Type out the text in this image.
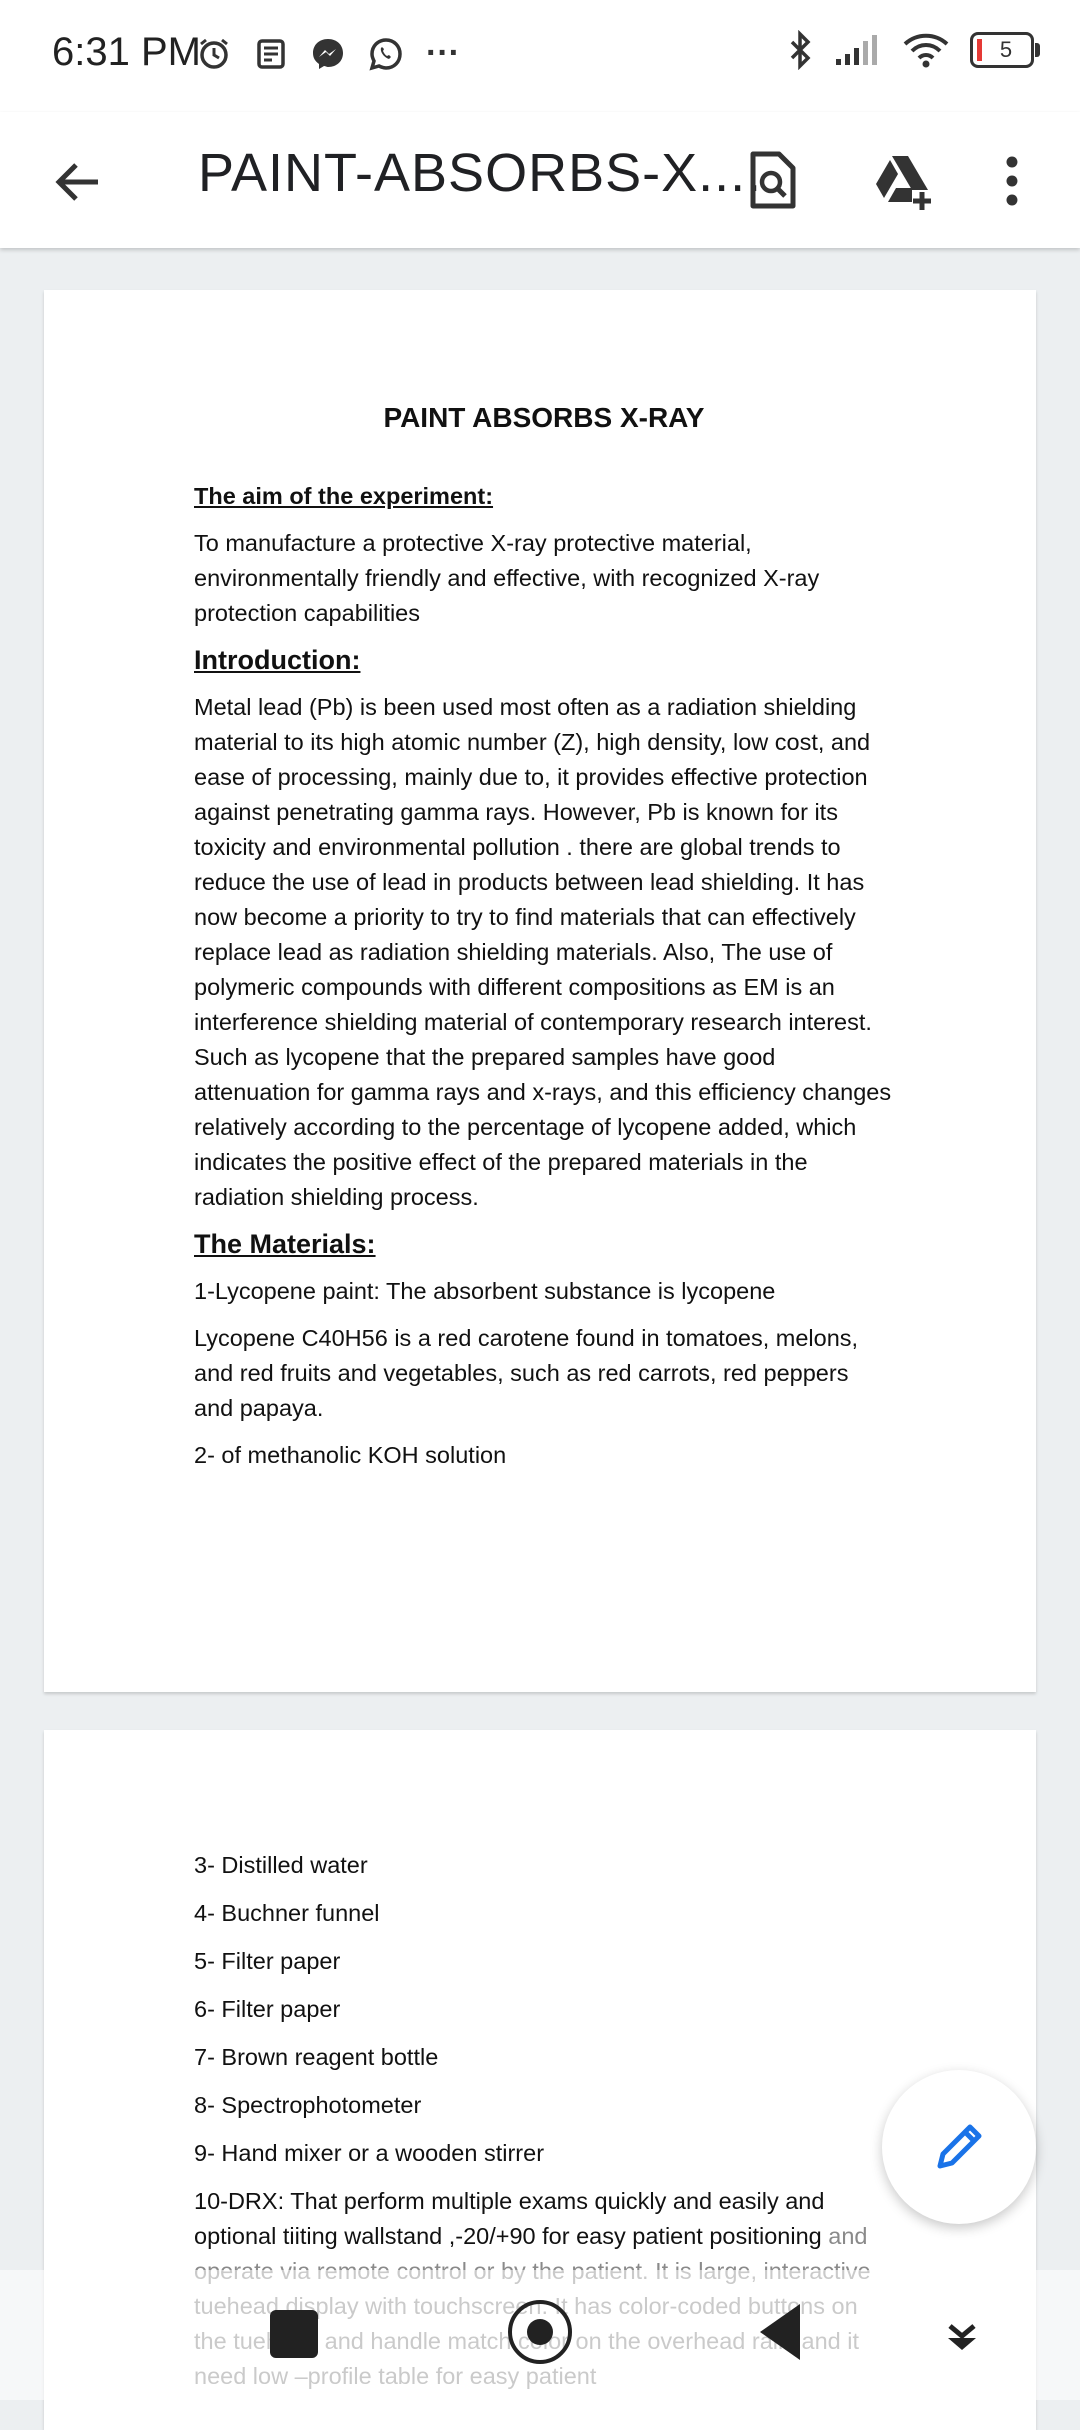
6:31 PM	···	5
PAINT-ABSORBS-X....
PAINT ABSORBS X-RAY
The aim of the experiment:
To manufacture a protective X-ray protective material, environmentally friendly and effective, with recognized X-ray protection capabilities
Introduction:
Metal lead (Pb) is been used most often as a radiation shielding material to its high atomic number (Z), high density, low cost, and ease of processing, mainly due to, it provides effective protection against penetrating gamma rays. However, Pb is known for its toxicity and environmental pollution . there are global trends to reduce the use of lead in products between lead shielding. It has now become a priority to try to find materials that can effectively replace lead as radiation shielding materials. Also, The use of polymeric compounds with different compositions as EM is an interference shielding material of contemporary research interest. Such as lycopene that the prepared samples have good attenuation for gamma rays and x-rays, and this efficiency changes relatively according to the percentage of lycopene added, which indicates the positive effect of the prepared materials in the radiation shielding process.
The Materials:
1-Lycopene paint: The absorbent substance is lycopene
Lycopene C40H56 is a red carotene found in tomatoes, melons, and red fruits and vegetables, such as red carrots, red peppers and papaya.
2- of methanolic KOH solution
3- Distilled water
4- Buchner funnel
5- Filter paper
6- Filter paper
7- Brown reagent bottle
8- Spectrophotometer
9- Hand mixer or a wooden stirrer
10-DRX: That perform multiple exams quickly and easily and optional tiiting wallstand ,-20/+90 for easy patient positioning and
